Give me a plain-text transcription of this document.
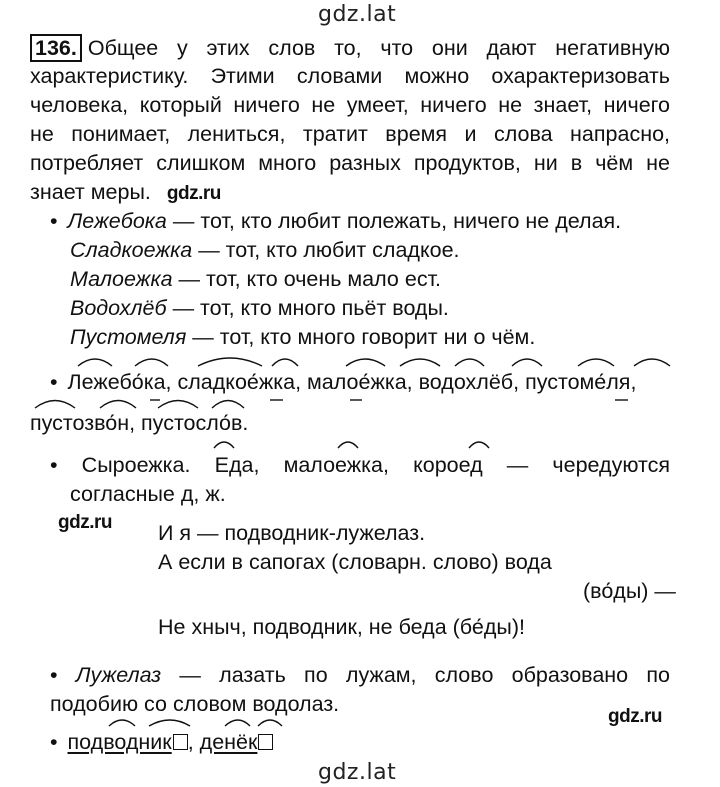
gdz.lat
gdz.lat
136. Общее у этих слов то, что они дают негативную
характеристику. Этими словами можно охарактеризовать
человека, который ничего не умеет, ничего не знает, ничего
не понимает, лениться, тратит время и слова напрасно,
потребляет слишком много разных продуктов, ни в чём не
знает меры. gdz.ru
• Лежебока — тот, кто любит полежать, ничего не делая.
Сладкоежка — тот, кто любит сладкое.
Малоежка — тот, кто очень мало ест.
Водохлёб — тот, кто много пьёт воды.
Пустомеля — тот, кто много говорит ни о чём.
• Лежебо́ка, сладкое́жка, малое́жка, водохлёб, пустоме́ля,
пустозво́н, пустосло́в.
• Сыроежка. Еда, малоежка, короед — чередуются
согласные д, ж.
gdz.ru И я — подводник-лужелаз.
А если в сапогах (словарн. слово) вода
(во́ды) —
Не хныч, подводник, не беда (бе́ды)!
• Лужелаз — лазать по лужам, слово образовано по
подобию со словом водолаз.
gdz.ru
• подводник , денёк
